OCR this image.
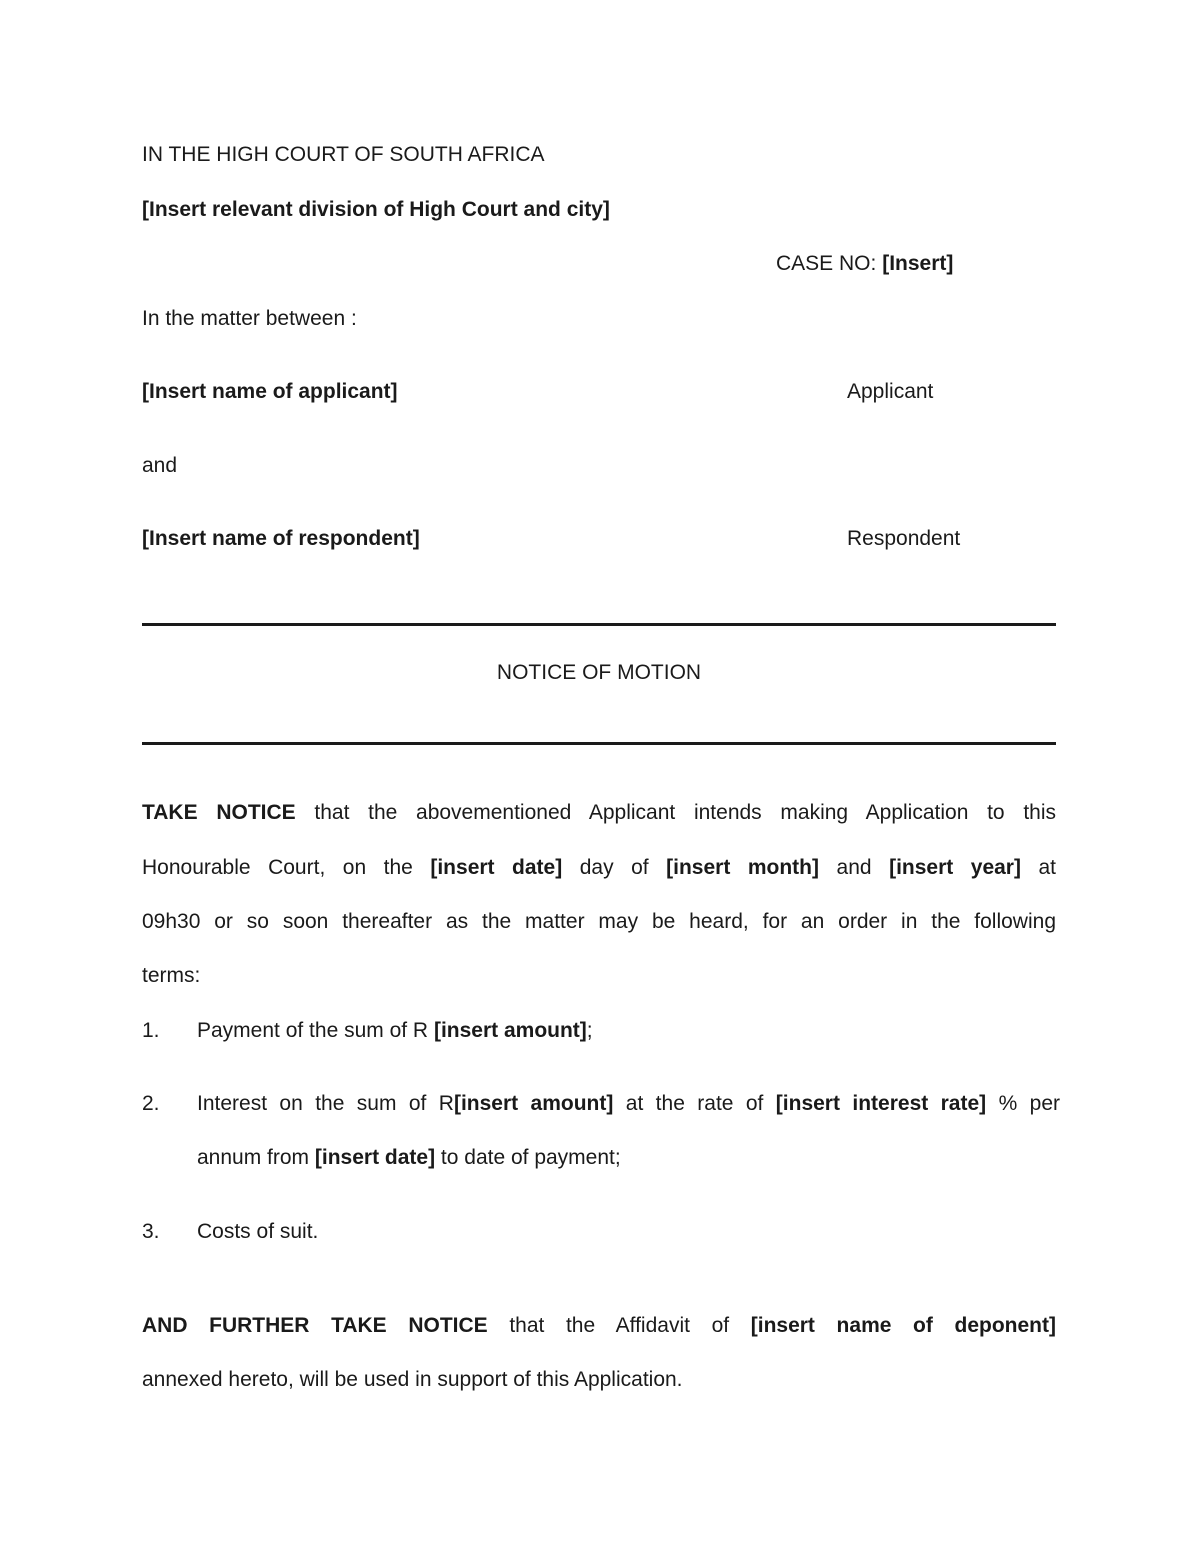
IN THE HIGH COURT OF SOUTH AFRICA
[Insert relevant division of High Court and city]
CASE NO: [Insert]
In the matter between :
[Insert name of applicant]	Applicant
and
[Insert name of respondent]	Respondent
NOTICE OF MOTION
TAKE NOTICE that the abovementioned Applicant intends making Application to this
Honourable Court, on the [insert date] day of [insert month] and [insert year] at
09h30 or so soon thereafter as the matter may be heard, for an order in the following
terms:
1. Payment of the sum of R [insert amount];
2. Interest on the sum of R[insert amount] at the rate of [insert interest rate] % per
annum from [insert date] to date of payment;
3. Costs of suit.
AND FURTHER TAKE NOTICE that the Affidavit of [insert name of deponent]
annexed hereto, will be used in support of this Application.
